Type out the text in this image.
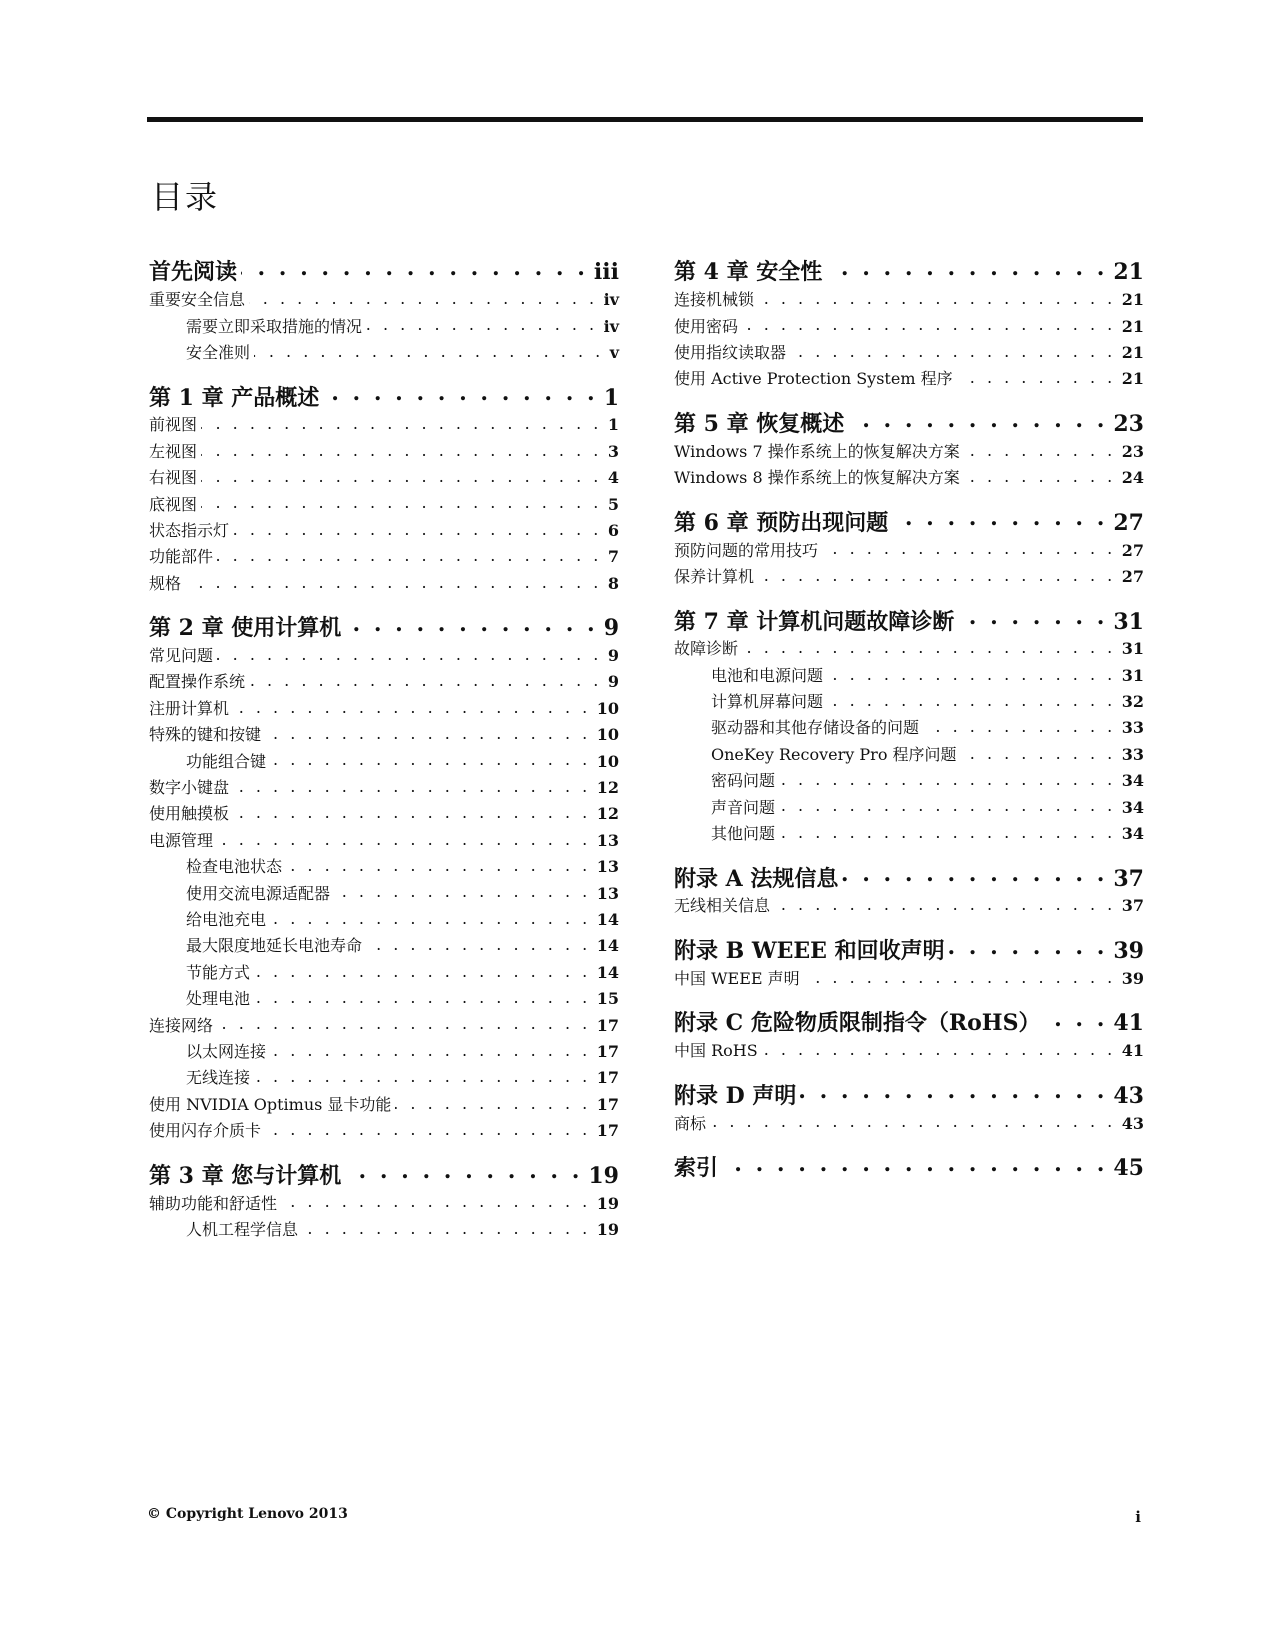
目录
首先阅读 . . .	iii
重要安全信息 . . .	iv
需要立即采取措施的情况 . . .	iv
安全准则 . . .	v
第 1 章 产品概述 . . .	1
前视图 . . .	1
左视图 . . .	3
右视图 . . .	4
底视图 . . .	5
状态指示灯 . . .	6
功能部件 . . .	7
规格 . . .	8
第 2 章 使用计算机 . . .	9
常见问题 . . .	9
配置操作系统 . . .	9
注册计算机 . . .	10
特殊的键和按键 . . .	10
功能组合键 . . .	10
数字小键盘 . . .	12
使用触摸板 . . .	12
电源管理 . . .	13
检查电池状态 . . .	13
使用交流电源适配器 . . .	13
给电池充电 . . .	14
最大限度地延长电池寿命 . . .	14
节能方式 . . .	14
处理电池 . . .	15
连接网络 . . .	17
以太网连接 . . .	17
无线连接 . . .	17
使用 NVIDIA Optimus 显卡功能 . . .	17
使用闪存介质卡 . . .	17
第 3 章 您与计算机 . . .	19
辅助功能和舒适性 . . .	19
人机工程学信息 . . .	19
第 4 章 安全性 . . .	21
连接机械锁 . . .	21
使用密码 . . .	21
使用指纹读取器 . . .	21
使用 Active Protection System 程序 . . .	21
第 5 章 恢复概述 . . .	23
Windows 7 操作系统上的恢复解决方案 . . .	23
Windows 8 操作系统上的恢复解决方案 . . .	24
第 6 章 预防出现问题 . . .	27
预防问题的常用技巧 . . .	27
保养计算机 . . .	27
第 7 章 计算机问题故障诊断 . . .	31
故障诊断 . . .	31
电池和电源问题 . . .	31
计算机屏幕问题 . . .	32
驱动器和其他存储设备的问题 . . .	33
OneKey Recovery Pro 程序问题 . . .	33
密码问题 . . .	34
声音问题 . . .	34
其他问题 . . .	34
附录 A 法规信息 . . .	37
无线相关信息 . . .	37
附录 B WEEE 和回收声明 . . .	39
中国 WEEE 声明 . . .	39
附录 C 危险物质限制指令（RoHS） . . .	41
中国 RoHS . . .	41
附录 D 声明 . . .	43
商标 . . .	43
索引 . . .	45
© Copyright Lenovo 2013	i
